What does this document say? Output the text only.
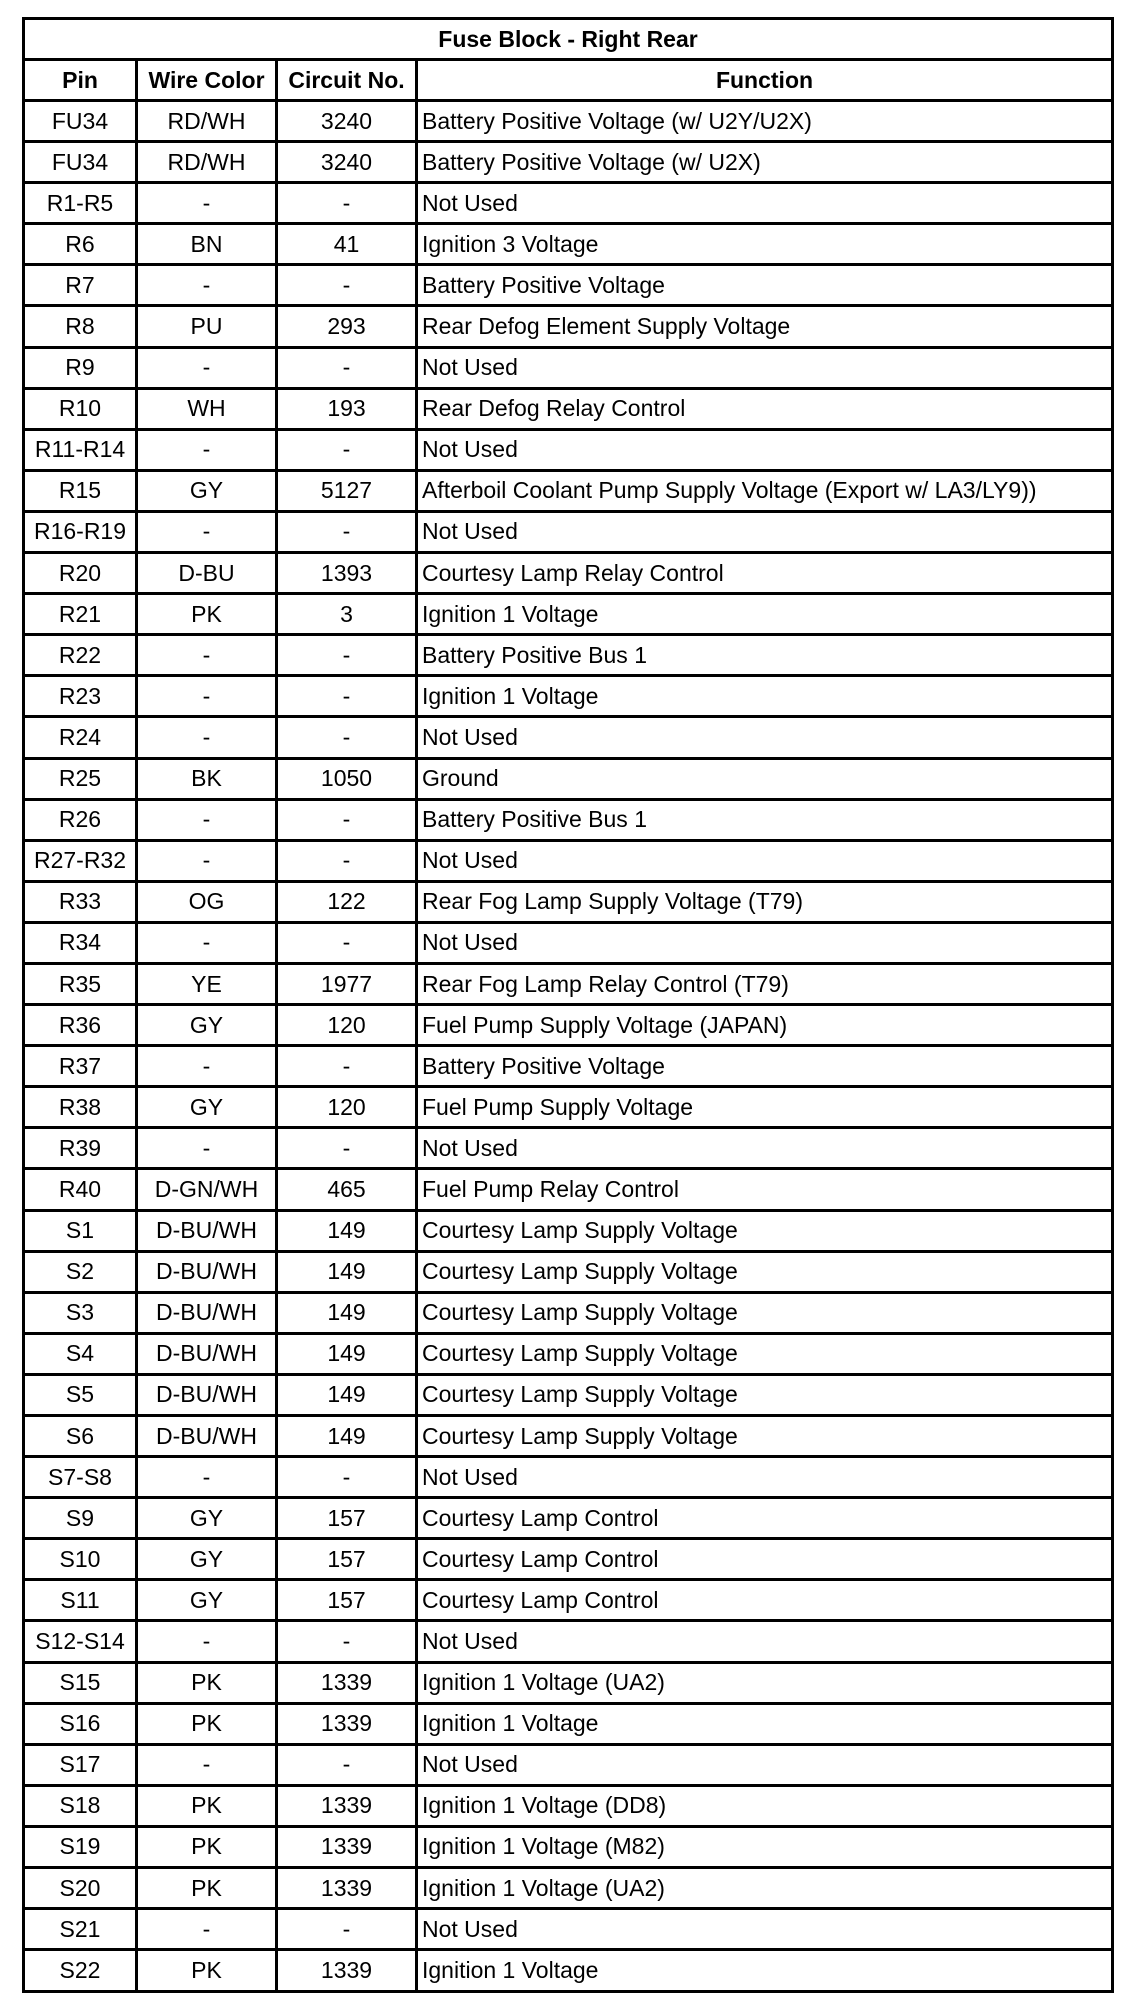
Fuse Block - Right Rear			
Pin	Wire Color	Circuit No.	Function
FU34	RD/WH	3240	Battery Positive Voltage (w/ U2Y/U2X)
FU34	RD/WH	3240	Battery Positive Voltage (w/ U2X)
R1-R5	-	-	Not Used
R6	BN	41	Ignition 3 Voltage
R7	-	-	Battery Positive Voltage
R8	PU	293	Rear Defog Element Supply Voltage
R9	-	-	Not Used
R10	WH	193	Rear Defog Relay Control
R11-R14	-	-	Not Used
R15	GY	5127	Afterboil Coolant Pump Supply Voltage (Export w/ LA3/LY9))
R16-R19	-	-	Not Used
R20	D-BU	1393	Courtesy Lamp Relay Control
R21	PK	3	Ignition 1 Voltage
R22	-	-	Battery Positive Bus 1
R23	-	-	Ignition 1 Voltage
R24	-	-	Not Used
R25	BK	1050	Ground
R26	-	-	Battery Positive Bus 1
R27-R32	-	-	Not Used
R33	OG	122	Rear Fog Lamp Supply Voltage (T79)
R34	-	-	Not Used
R35	YE	1977	Rear Fog Lamp Relay Control (T79)
R36	GY	120	Fuel Pump Supply Voltage (JAPAN)
R37	-	-	Battery Positive Voltage
R38	GY	120	Fuel Pump Supply Voltage
R39	-	-	Not Used
R40	D-GN/WH	465	Fuel Pump Relay Control
S1	D-BU/WH	149	Courtesy Lamp Supply Voltage
S2	D-BU/WH	149	Courtesy Lamp Supply Voltage
S3	D-BU/WH	149	Courtesy Lamp Supply Voltage
S4	D-BU/WH	149	Courtesy Lamp Supply Voltage
S5	D-BU/WH	149	Courtesy Lamp Supply Voltage
S6	D-BU/WH	149	Courtesy Lamp Supply Voltage
S7-S8	-	-	Not Used
S9	GY	157	Courtesy Lamp Control
S10	GY	157	Courtesy Lamp Control
S11	GY	157	Courtesy Lamp Control
S12-S14	-	-	Not Used
S15	PK	1339	Ignition 1 Voltage (UA2)
S16	PK	1339	Ignition 1 Voltage
S17	-	-	Not Used
S18	PK	1339	Ignition 1 Voltage (DD8)
S19	PK	1339	Ignition 1 Voltage (M82)
S20	PK	1339	Ignition 1 Voltage (UA2)
S21	-	-	Not Used
S22	PK	1339	Ignition 1 Voltage
